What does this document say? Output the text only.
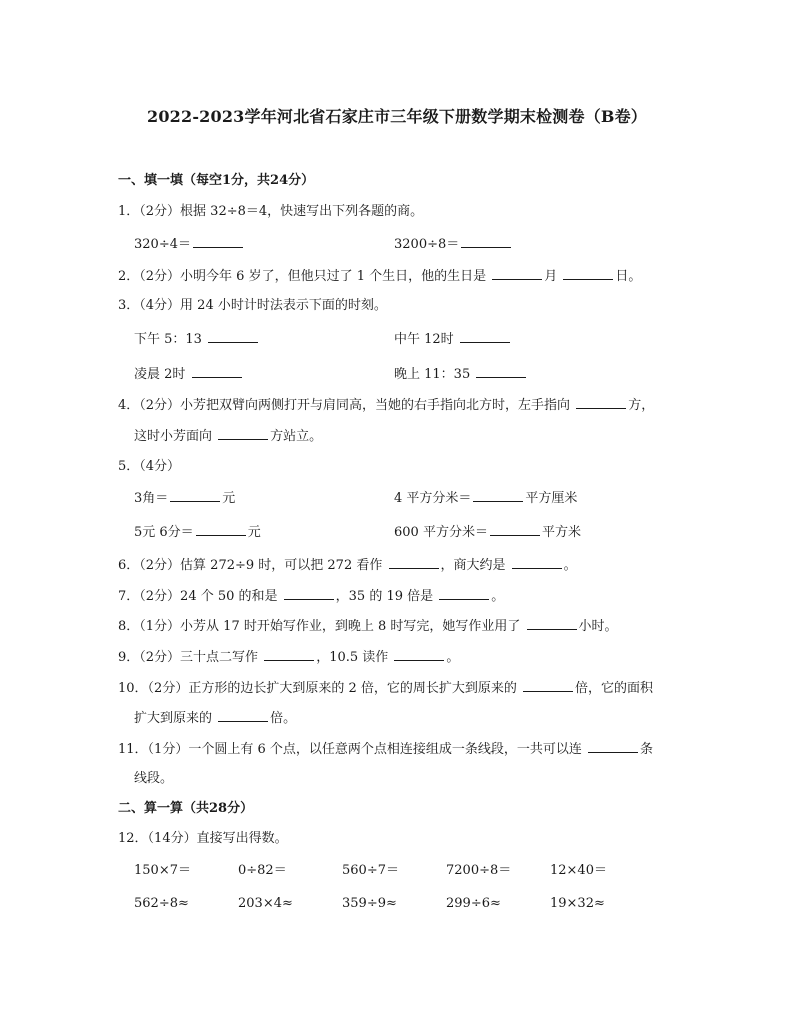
2022-2023学年河北省石家庄市三年级下册数学期末检测卷（B卷）
一、填一填（每空1分，共24分）
1．（2分）根据 32÷8＝4，快速写出下列各题的商。
320÷4＝	3200÷8＝
2．（2分）小明今年 6 岁了，但他只过了 1 个生日，他的生日是	月	日。
3．（4分）用 24 小时计时法表示下面的时刻。
下午 5：13	中午 12时
凌晨 2时	晚上 11：35
4．（2分）小芳把双臂向两侧打开与肩同高，当她的右手指向北方时，左手指向	方，
这时小芳面向	方站立。
5．（4分）
3角＝	元	4 平方分米＝	平方厘米
5元 6分＝	元	600 平方分米＝	平方米
6．（2分）估算 272÷9 时，可以把 272 看作	，商大约是	。
7．（2分）24 个 50 的和是	，35 的 19 倍是	。
8．（1分）小芳从 17 时开始写作业，到晚上 8 时写完，她写作业用了	小时。
9．（2分）三十点二写作	，10.5 读作	。
10．（2分）正方形的边长扩大到原来的 2 倍，它的周长扩大到原来的	倍，它的面积
扩大到原来的	倍。
11．（1分）一个圆上有 6 个点，以任意两个点相连接组成一条线段，一共可以连	条
线段。
二、算一算（共28分）
12．（14分）直接写出得数。
150×7＝	0÷82＝	560÷7＝	7200÷8＝	12×40＝
562÷8≈	203×4≈	359÷9≈	299÷6≈	19×32≈
